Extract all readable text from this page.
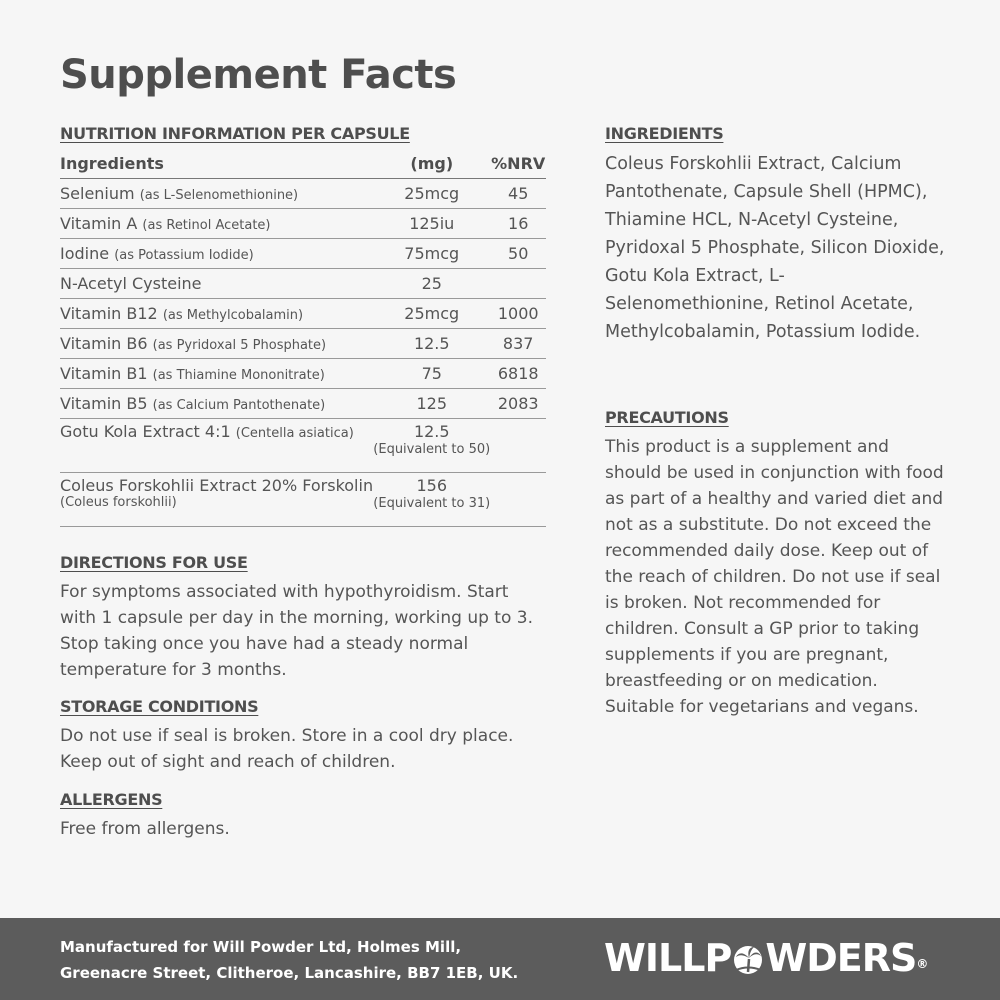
Supplement Facts

NUTRITION INFORMATION PER CAPSULE

Ingredients	(mg)	%NRV
Selenium (as L-Selenomethionine)	25mcg	45
Vitamin A (as Retinol Acetate)	125iu	16
Iodine (as Potassium Iodide)	75mcg	50
N-Acetyl Cysteine	25	
Vitamin B12 (as Methylcobalamin)	25mcg	1000
Vitamin B6 (as Pyridoxal 5 Phosphate)	12.5	837
Vitamin B1 (as Thiamine Mononitrate)	75	6818
Vitamin B5 (as Calcium Pantothenate)	125	2083
Gotu Kola Extract 4:1 (Centella asiatica)	12.5
(Equivalent to 50)	

Coleus Forskohlii Extract 20% Forskolin
(Coleus forskohlii)	156
(Equivalent to 31)	

DIRECTIONS FOR USE

For symptoms associated with hypothyroidism. Start with 1 capsule per day in the morning, working up to 3. Stop taking once you have had a steady normal temperature for 3 months.

STORAGE CONDITIONS

Do not use if seal is broken. Store in a cool dry place. Keep out of sight and reach of children.

ALLERGENS

Free from allergens.

INGREDIENTS

Coleus Forskohlii Extract, Calcium Pantothenate, Capsule Shell (HPMC), Thiamine HCL, N-Acetyl Cysteine, Pyridoxal 5 Phosphate, Silicon Dioxide, Gotu Kola Extract, L-Selenomethionine, Retinol Acetate, Methylcobalamin, Potassium Iodide.

PRECAUTIONS

This product is a supplement and should be used in conjunction with food as part of a healthy and varied diet and not as a substitute. Do not exceed the recommended daily dose. Keep out of the reach of children. Do not use if seal is broken. Not recommended for children. Consult a GP prior to taking supplements if you are pregnant, breastfeeding or on medication. Suitable for vegetarians and vegans.

Manufactured for Will Powder Ltd, Holmes Mill,
Greenacre Street, Clitheroe, Lancashire, BB7 1EB, UK. WILLP WDERS®
